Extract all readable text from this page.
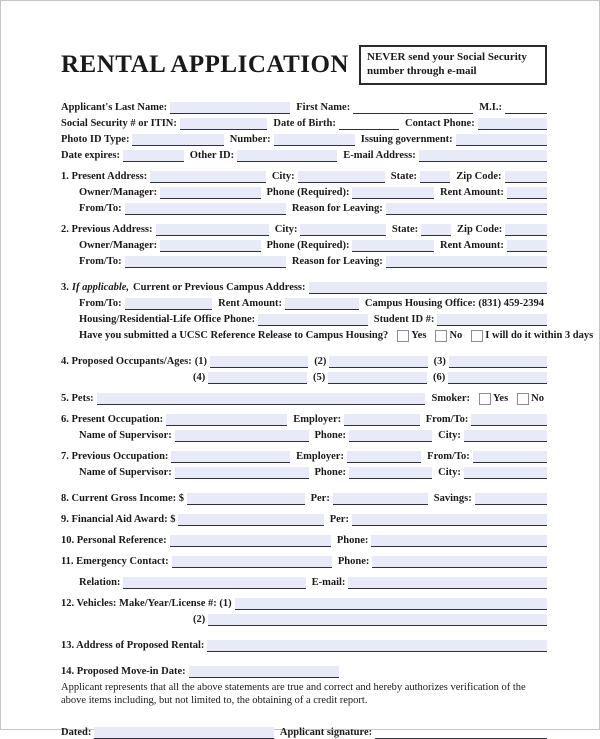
RENTAL APPLICATION	NEVER send your Social Security number through e-mail
Applicant's Last Name:	First Name:	M.I.:
Social Security # or ITIN:	Date of Birth:	Contact Phone:
Photo ID Type:	Number:	Issuing government:
Date expires:	Other ID:	E-mail Address:
1. Present Address:	City:	State:	Zip Code:
Owner/Manager:	Phone (Required):	Rent Amount:
From/To:	Reason for Leaving:
2. Previous Address:	City:	State:	Zip Code:
Owner/Manager:	Phone (Required):	Rent Amount:
From/To:	Reason for Leaving:
3. If applicable, Current or Previous Campus Address:
From/To:	Rent Amount:	Campus Housing Office: (831) 459-2394
Housing/Residential-Life Office Phone:	Student ID #:
Have you submitted a UCSC Reference Release to Campus Housing? Yes No I will do it within 3 days
4. Proposed Occupants/Ages: (1)	(2)	(3)
(4)	(5)	(6)
5. Pets:	Smoker: Yes No
6. Present Occupation:	Employer:	From/To:
Name of Supervisor:	Phone:	City:
7. Previous Occupation:	Employer:	From/To:
Name of Supervisor:	Phone:	City:
8. Current Gross Income: $	Per:	Savings:
9. Financial Aid Award: $	Per:
10. Personal Reference:	Phone:
11. Emergency Contact:	Phone:
Relation:	E-mail:
12. Vehicles: Make/Year/License #: (1)
(2)
13. Address of Proposed Rental:
14. Proposed Move-in Date:
Applicant represents that all the above statements are true and correct and hereby authorizes verification of the above items including, but not limited to, the obtaining of a credit report.
Dated:	Applicant signature:
